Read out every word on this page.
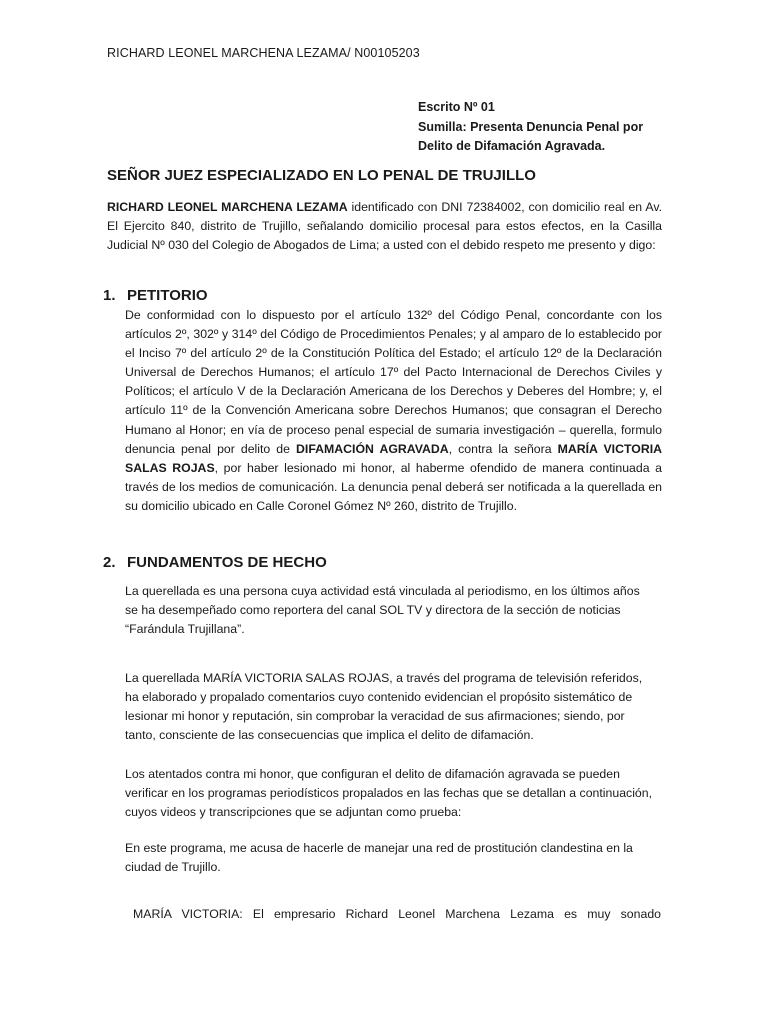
RICHARD LEONEL MARCHENA LEZAMA/ N00105203
Escrito Nº 01
Sumilla: Presenta Denuncia Penal por
Delito de Difamación Agravada.
SEÑOR JUEZ ESPECIALIZADO EN LO PENAL DE TRUJILLO
RICHARD LEONEL MARCHENA LEZAMA identificado con DNI 72384002, con domicilio real en Av. El Ejercito 840, distrito de Trujillo, señalando domicilio procesal para estos efectos, en la Casilla Judicial Nº 030 del Colegio de Abogados de Lima; a usted con el debido respeto me presento y digo:
1. PETITORIO
De conformidad con lo dispuesto por el artículo 132º del Código Penal, concordante con los artículos 2º, 302º y 314º del Código de Procedimientos Penales; y al amparo de lo establecido por el Inciso 7º del artículo 2º de la Constitución Política del Estado; el artículo 12º de la Declaración Universal de Derechos Humanos; el artículo 17º del Pacto Internacional de Derechos Civiles y Políticos; el artículo V de la Declaración Americana de los Derechos y Deberes del Hombre; y, el artículo 11º de la Convención Americana sobre Derechos Humanos; que consagran el Derecho Humano al Honor; en vía de proceso penal especial de sumaria investigación – querella, formulo denuncia penal por delito de DIFAMACIÓN AGRAVADA, contra la señora MARÍA VICTORIA SALAS ROJAS, por haber lesionado mi honor, al haberme ofendido de manera continuada a través de los medios de comunicación. La denuncia penal deberá ser notificada a la querellada en su domicilio ubicado en Calle Coronel Gómez Nº 260, distrito de Trujillo.
2. FUNDAMENTOS DE HECHO
La querellada es una persona cuya actividad está vinculada al periodismo, en los últimos años se ha desempeñado como reportera del canal SOL TV y directora de la sección de noticias “Farándula Trujillana”.
La querellada MARÍA VICTORIA SALAS ROJAS, a través del programa de televisión referidos, ha elaborado y propalado comentarios cuyo contenido evidencian el propósito sistemático de lesionar mi honor y reputación, sin comprobar la veracidad de sus afirmaciones; siendo, por tanto, consciente de las consecuencias que implica el delito de difamación.
Los atentados contra mi honor, que configuran el delito de difamación agravada se pueden verificar en los programas periodísticos propalados en las fechas que se detallan a continuación, cuyos videos y transcripciones que se adjuntan como prueba:
En este programa, me acusa de hacerle de manejar una red de prostitución clandestina en la ciudad de Trujillo.
MARÍA VICTORIA: El empresario Richard Leonel Marchena Lezama es muy sonado
